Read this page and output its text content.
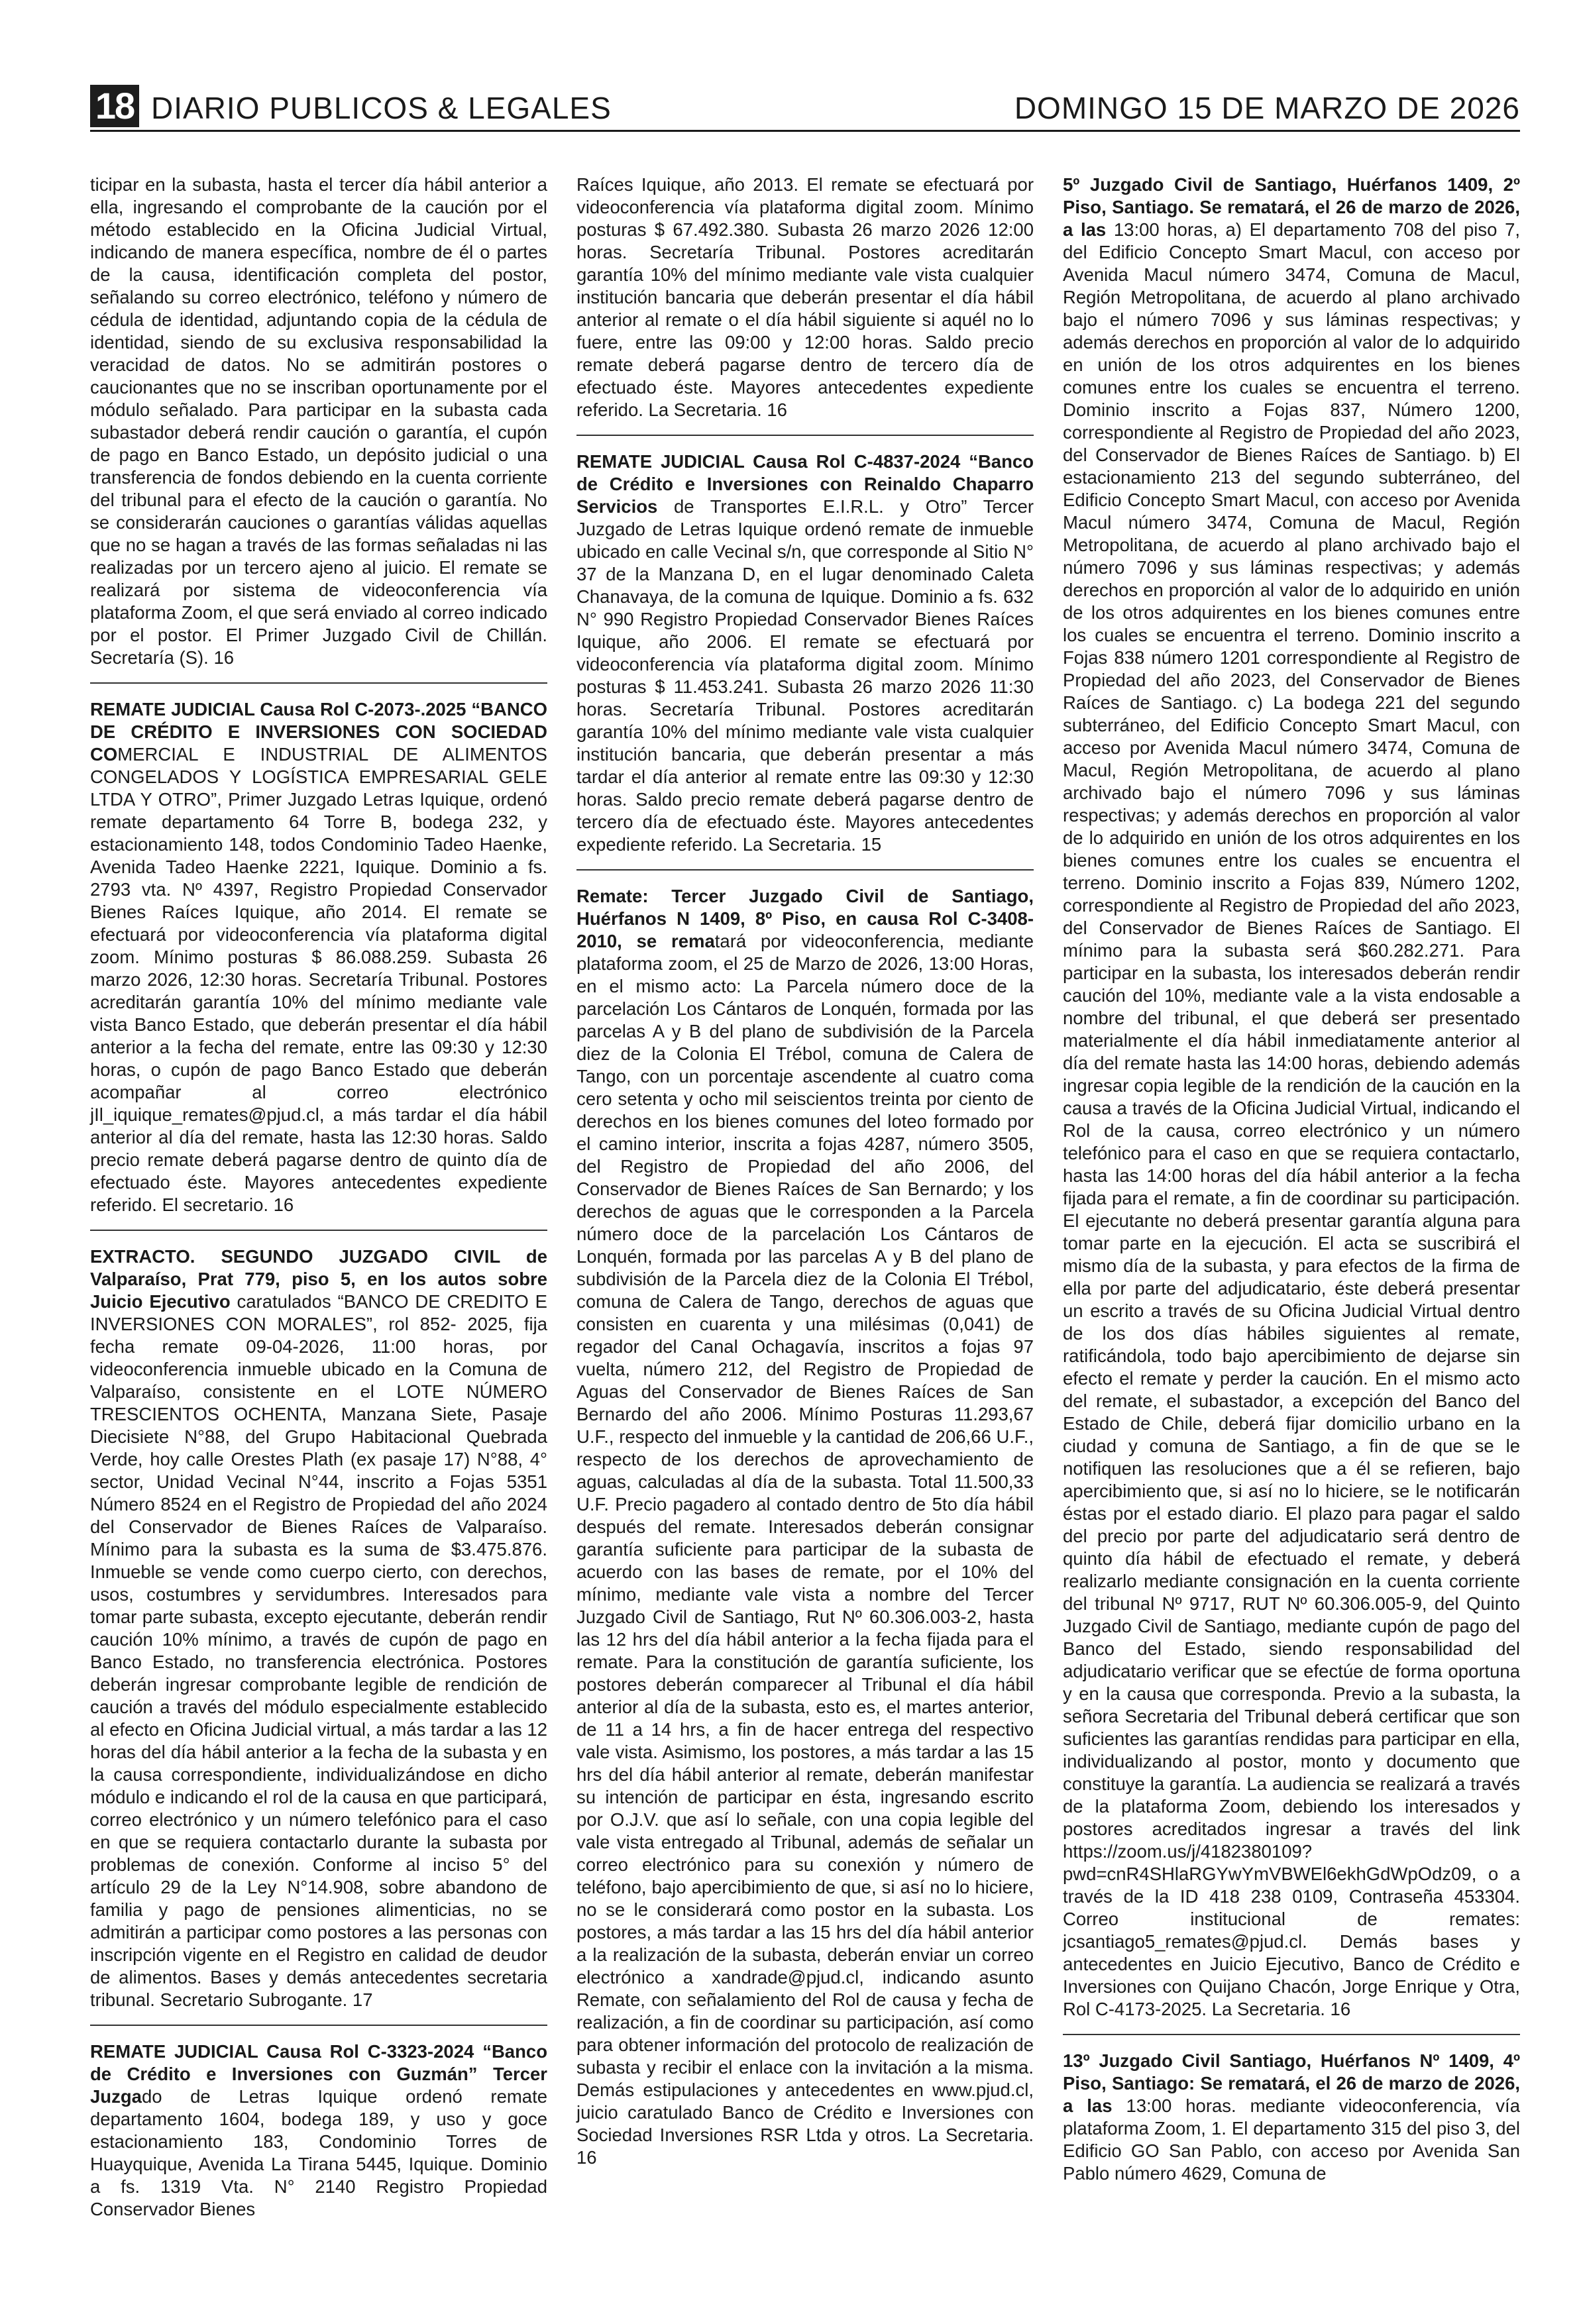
18 DIARIO PUBLICOS & LEGALES	DOMINGO 15 DE MARZO DE 2026

ticipar en la subasta, hasta el tercer día hábil anterior a ella, ingresando el comprobante de la caución por el método establecido en la Oficina Judicial Virtual, indicando de manera específica, nombre de él o partes de la causa, identificación completa del postor, señalando su correo electrónico, teléfono y número de cédula de identidad, adjuntando copia de la cédula de identidad, siendo de su exclusiva responsabilidad la veracidad de datos. No se admitirán postores o caucionantes que no se inscriban oportunamente por el módulo señalado. Para participar en la subasta cada subastador deberá rendir caución o garantía, el cupón de pago en Banco Estado, un depósito judicial o una transferencia de fondos debiendo en la cuenta corriente del tribunal para el efecto de la caución o garantía. No se considerarán cauciones o garantías válidas aquellas que no se hagan a través de las formas señaladas ni las realizadas por un tercero ajeno al juicio. El remate se realizará por sistema de videoconferencia vía plataforma Zoom, el que será enviado al correo indicado por el postor. El Primer Juzgado Civil de Chillán. Secretaría (S). 16

REMATE JUDICIAL Causa Rol C-2073-.2025 “BANCO DE CRÉDITO E INVERSIONES CON SOCIEDAD COMERCIAL E INDUSTRIAL DE ALIMENTOS CONGELADOS Y LOGÍSTICA EMPRESARIAL GELE LTDA Y OTRO”, Primer Juzgado Letras Iquique, ordenó remate departamento 64 Torre B, bodega 232, y estacionamiento 148, todos Condominio Tadeo Haenke, Avenida Tadeo Haenke 2221, Iquique. Dominio a fs. 2793 vta. Nº 4397, Registro Propiedad Conservador Bienes Raíces Iquique, año 2014. El remate se efectuará por videoconferencia vía plataforma digital zoom. Mínimo posturas $ 86.088.259. Subasta 26 marzo 2026, 12:30 horas. Secretaría Tribunal. Postores acreditarán garantía 10% del mínimo mediante vale vista Banco Estado, que deberán presentar el día hábil anterior a la fecha del remate, entre las 09:30 y 12:30 horas, o cupón de pago Banco Estado que deberán acompañar al correo electrónico jIl_iquique_remates@pjud.cl, a más tardar el día hábil anterior al día del remate, hasta las 12:30 horas. Saldo precio remate deberá pagarse dentro de quinto día de efectuado éste. Mayores antecedentes expediente referido. El secretario. 16

EXTRACTO. SEGUNDO JUZGADO CIVIL de Valparaíso, Prat 779, piso 5, en los autos sobre Juicio Ejecutivo caratulados “BANCO DE CREDITO E INVERSIONES CON MORALES”, rol 852- 2025, fija fecha remate 09-04-2026, 11:00 horas, por videoconferencia inmueble ubicado en la Comuna de Valparaíso, consistente en el LOTE NÚMERO TRESCIENTOS OCHENTA, Manzana Siete, Pasaje Diecisiete N°88, del Grupo Habitacional Quebrada Verde, hoy calle Orestes Plath (ex pasaje 17) N°88, 4° sector, Unidad Vecinal N°44, inscrito a Fojas 5351 Número 8524 en el Registro de Propiedad del año 2024 del Conservador de Bienes Raíces de Valparaíso. Mínimo para la subasta es la suma de $3.475.876. Inmueble se vende como cuerpo cierto, con derechos, usos, costumbres y servidumbres. Interesados para tomar parte subasta, excepto ejecutante, deberán rendir caución 10% mínimo, a través de cupón de pago en Banco Estado, no transferencia electrónica. Postores deberán ingresar comprobante legible de rendición de caución a través del módulo especialmente establecido al efecto en Oficina Judicial virtual, a más tardar a las 12 horas del día hábil anterior a la fecha de la subasta y en la causa correspondiente, individualizándose en dicho módulo e indicando el rol de la causa en que participará, correo electrónico y un número telefónico para el caso en que se requiera contactarlo durante la subasta por problemas de conexión. Conforme al inciso 5° del artículo 29 de la Ley N°14.908, sobre abandono de familia y pago de pensiones alimenticias, no se admitirán a participar como postores a las personas con inscripción vigente en el Registro en calidad de deudor de alimentos. Bases y demás antecedentes secretaria tribunal. Secretario Subrogante. 17

REMATE JUDICIAL Causa Rol C-3323-2024 “Banco de Crédito e Inversiones con Guzmán” Tercer Juzgado de Letras Iquique ordenó remate departamento 1604, bodega 189, y uso y goce estacionamiento 183, Condominio Torres de Huayquique, Avenida La Tirana 5445, Iquique. Dominio a fs. 1319 Vta. N° 2140 Registro Propiedad Conservador Bienes

Raíces Iquique, año 2013. El remate se efectuará por videoconferencia vía plataforma digital zoom. Mínimo posturas $ 67.492.380. Subasta 26 marzo 2026 12:00 horas. Secretaría Tribunal. Postores acreditarán garantía 10% del mínimo mediante vale vista cualquier institución bancaria que deberán presentar el día hábil anterior al remate o el día hábil siguiente si aquél no lo fuere, entre las 09:00 y 12:00 horas. Saldo precio remate deberá pagarse dentro de tercero día de efectuado éste. Mayores antecedentes expediente referido. La Secretaria. 16

REMATE JUDICIAL Causa Rol C-4837-2024 “Banco de Crédito e Inversiones con Reinaldo Chaparro Servicios de Transportes E.I.R.L. y Otro” Tercer Juzgado de Letras Iquique ordenó remate de inmueble ubicado en calle Vecinal s/n, que corresponde al Sitio N° 37 de la Manzana D, en el lugar denominado Caleta Chanavaya, de la comuna de Iquique. Dominio a fs. 632 N° 990 Registro Propiedad Conservador Bienes Raíces Iquique, año 2006. El remate se efectuará por videoconferencia vía plataforma digital zoom. Mínimo posturas $ 11.453.241. Subasta 26 marzo 2026 11:30 horas. Secretaría Tribunal. Postores acreditarán garantía 10% del mínimo mediante vale vista cualquier institución bancaria, que deberán presentar a más tardar el día anterior al remate entre las 09:30 y 12:30 horas. Saldo precio remate deberá pagarse dentro de tercero día de efectuado éste. Mayores antecedentes expediente referido. La Secretaria. 15

Remate: Tercer Juzgado Civil de Santiago, Huérfanos N 1409, 8º Piso, en causa Rol C-3408-2010, se rematará por videoconferencia, mediante plataforma zoom, el 25 de Marzo de 2026, 13:00 Horas, en el mismo acto: La Parcela número doce de la parcelación Los Cántaros de Lonquén, formada por las parcelas A y B del plano de subdivisión de la Parcela diez de la Colonia El Trébol, comuna de Calera de Tango, con un porcentaje ascendente al cuatro coma cero setenta y ocho mil seiscientos treinta por ciento de derechos en los bienes comunes del loteo formado por el camino interior, inscrita a fojas 4287, número 3505, del Registro de Propiedad del año 2006, del Conservador de Bienes Raíces de San Bernardo; y los derechos de aguas que le corresponden a la Parcela número doce de la parcelación Los Cántaros de Lonquén, formada por las parcelas A y B del plano de subdivisión de la Parcela diez de la Colonia El Trébol, comuna de Calera de Tango, derechos de aguas que consisten en cuarenta y una milésimas (0,041) de regador del Canal Ochagavía, inscritos a fojas 97 vuelta, número 212, del Registro de Propiedad de Aguas del Conservador de Bienes Raíces de San Bernardo del año 2006. Mínimo Posturas 11.293,67 U.F., respecto del inmueble y la cantidad de 206,66 U.F., respecto de los derechos de aprovechamiento de aguas, calculadas al día de la subasta. Total 11.500,33 U.F. Precio pagadero al contado dentro de 5to día hábil después del remate. Interesados deberán consignar garantía suficiente para participar de la subasta de acuerdo con las bases de remate, por el 10% del mínimo, mediante vale vista a nombre del Tercer Juzgado Civil de Santiago, Rut Nº 60.306.003-2, hasta las 12 hrs del día hábil anterior a la fecha fijada para el remate. Para la constitución de garantía suficiente, los postores deberán comparecer al Tribunal el día hábil anterior al día de la subasta, esto es, el martes anterior, de 11 a 14 hrs, a fin de hacer entrega del respectivo vale vista. Asimismo, los postores, a más tardar a las 15 hrs del día hábil anterior al remate, deberán manifestar su intención de participar en ésta, ingresando escrito por O.J.V. que así lo señale, con una copia legible del vale vista entregado al Tribunal, además de señalar un correo electrónico para su conexión y número de teléfono, bajo apercibimiento de que, si así no lo hiciere, no se le considerará como postor en la subasta. Los postores, a más tardar a las 15 hrs del día hábil anterior a la realización de la subasta, deberán enviar un correo electrónico a xandrade@pjud.cl, indicando asunto Remate, con señalamiento del Rol de causa y fecha de realización, a fin de coordinar su participación, así como para obtener información del protocolo de realización de subasta y recibir el enlace con la invitación a la misma. Demás estipulaciones y antecedentes en www.pjud.cl, juicio caratulado Banco de Crédito e Inversiones con Sociedad Inversiones RSR Ltda y otros. La Secretaria. 16

5º Juzgado Civil de Santiago, Huérfanos 1409, 2º Piso, Santiago. Se rematará, el 26 de marzo de 2026, a las 13:00 horas, a) El departamento 708 del piso 7, del Edificio Concepto Smart Macul, con acceso por Avenida Macul número 3474, Comuna de Macul, Región Metropolitana, de acuerdo al plano archivado bajo el número 7096 y sus láminas respectivas; y además derechos en proporción al valor de lo adquirido en unión de los otros adquirentes en los bienes comunes entre los cuales se encuentra el terreno. Dominio inscrito a Fojas 837, Número 1200, correspondiente al Registro de Propiedad del año 2023, del Conservador de Bienes Raíces de Santiago. b) El estacionamiento 213 del segundo subterráneo, del Edificio Concepto Smart Macul, con acceso por Avenida Macul número 3474, Comuna de Macul, Región Metropolitana, de acuerdo al plano archivado bajo el número 7096 y sus láminas respectivas; y además derechos en proporción al valor de lo adquirido en unión de los otros adquirentes en los bienes comunes entre los cuales se encuentra el terreno. Dominio inscrito a Fojas 838 número 1201 correspondiente al Registro de Propiedad del año 2023, del Conservador de Bienes Raíces de Santiago. c) La bodega 221 del segundo subterráneo, del Edificio Concepto Smart Macul, con acceso por Avenida Macul número 3474, Comuna de Macul, Región Metropolitana, de acuerdo al plano archivado bajo el número 7096 y sus láminas respectivas; y además derechos en proporción al valor de lo adquirido en unión de los otros adquirentes en los bienes comunes entre los cuales se encuentra el terreno. Dominio inscrito a Fojas 839, Número 1202, correspondiente al Registro de Propiedad del año 2023, del Conservador de Bienes Raíces de Santiago. El mínimo para la subasta será $60.282.271. Para participar en la subasta, los interesados deberán rendir caución del 10%, mediante vale a la vista endosable a nombre del tribunal, el que deberá ser presentado materialmente el día hábil inmediatamente anterior al día del remate hasta las 14:00 horas, debiendo además ingresar copia legible de la rendición de la caución en la causa a través de la Oficina Judicial Virtual, indicando el Rol de la causa, correo electrónico y un número telefónico para el caso en que se requiera contactarlo, hasta las 14:00 horas del día hábil anterior a la fecha fijada para el remate, a fin de coordinar su participación. El ejecutante no deberá presentar garantía alguna para tomar parte en la ejecución. El acta se suscribirá el mismo día de la subasta, y para efectos de la firma de ella por parte del adjudicatario, éste deberá presentar un escrito a través de su Oficina Judicial Virtual dentro de los dos días hábiles siguientes al remate, ratificándola, todo bajo apercibimiento de dejarse sin efecto el remate y perder la caución. En el mismo acto del remate, el subastador, a excepción del Banco del Estado de Chile, deberá fijar domicilio urbano en la ciudad y comuna de Santiago, a fin de que se le notifiquen las resoluciones que a él se refieren, bajo apercibimiento que, si así no lo hiciere, se le notificarán éstas por el estado diario. El plazo para pagar el saldo del precio por parte del adjudicatario será dentro de quinto día hábil de efectuado el remate, y deberá realizarlo mediante consignación en la cuenta corriente del tribunal Nº 9717, RUT Nº 60.306.005-9, del Quinto Juzgado Civil de Santiago, mediante cupón de pago del Banco del Estado, siendo responsabilidad del adjudicatario verificar que se efectúe de forma oportuna y en la causa que corresponda. Previo a la subasta, la señora Secretaria del Tribunal deberá certificar que son suficientes las garantías rendidas para participar en ella, individualizando al postor, monto y documento que constituye la garantía. La audiencia se realizará a través de la plataforma Zoom, debiendo los interesados y postores acreditados ingresar a través del link https://zoom.us/j/4182380109?pwd=cnR4SHlaRGYwYmVBWEl6ekhGdWpOdz09, o a través de la ID 418 238 0109, Contraseña 453304. Correo institucional de remates: jcsantiago5_remates@pjud.cl. Demás bases y antecedentes en Juicio Ejecutivo, Banco de Crédito e Inversiones con Quijano Chacón, Jorge Enrique y Otra, Rol C-4173-2025. La Secretaria. 16

13º Juzgado Civil Santiago, Huérfanos Nº 1409, 4º Piso, Santiago: Se rematará, el 26 de marzo de 2026, a las 13:00 horas. mediante videoconferencia, vía plataforma Zoom, 1. El departamento 315 del piso 3, del Edificio GO San Pablo, con acceso por Avenida San Pablo número 4629, Comuna de
